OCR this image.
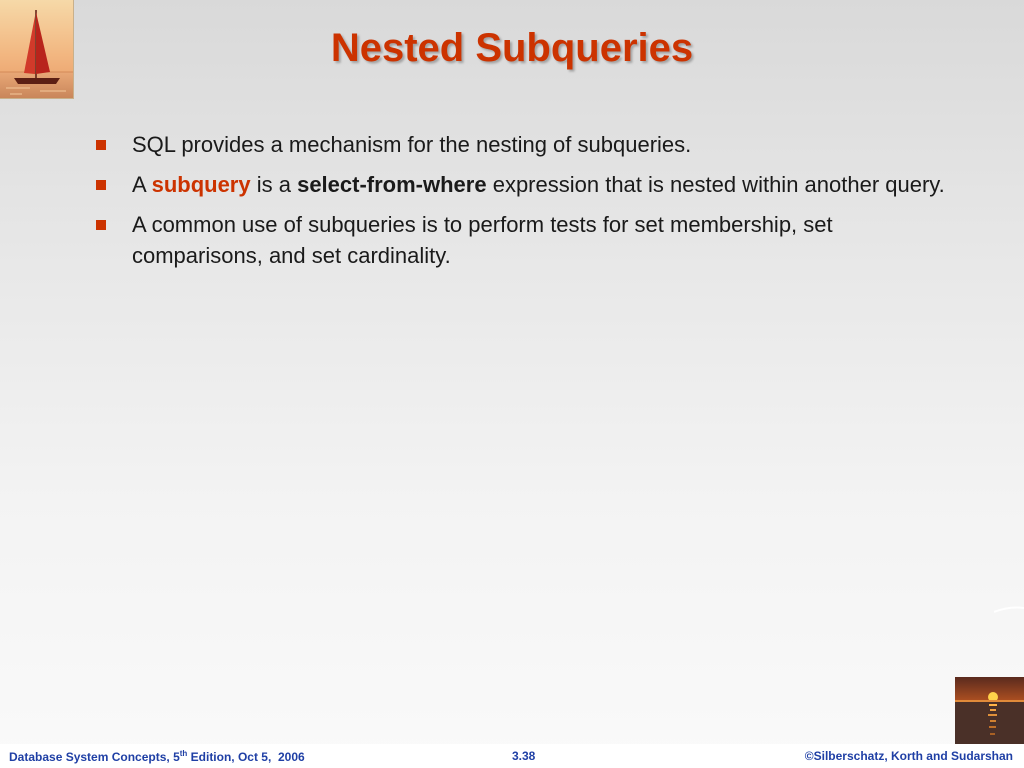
Nested Subqueries
SQL provides a mechanism for the nesting of subqueries.
A subquery is a select-from-where expression that is nested within another query.
A common use of subqueries is to perform tests for set membership, set comparisons, and set cardinality.
Database System Concepts, 5th Edition, Oct 5,  2006	3.38	©Silberschatz, Korth and Sudarshan
